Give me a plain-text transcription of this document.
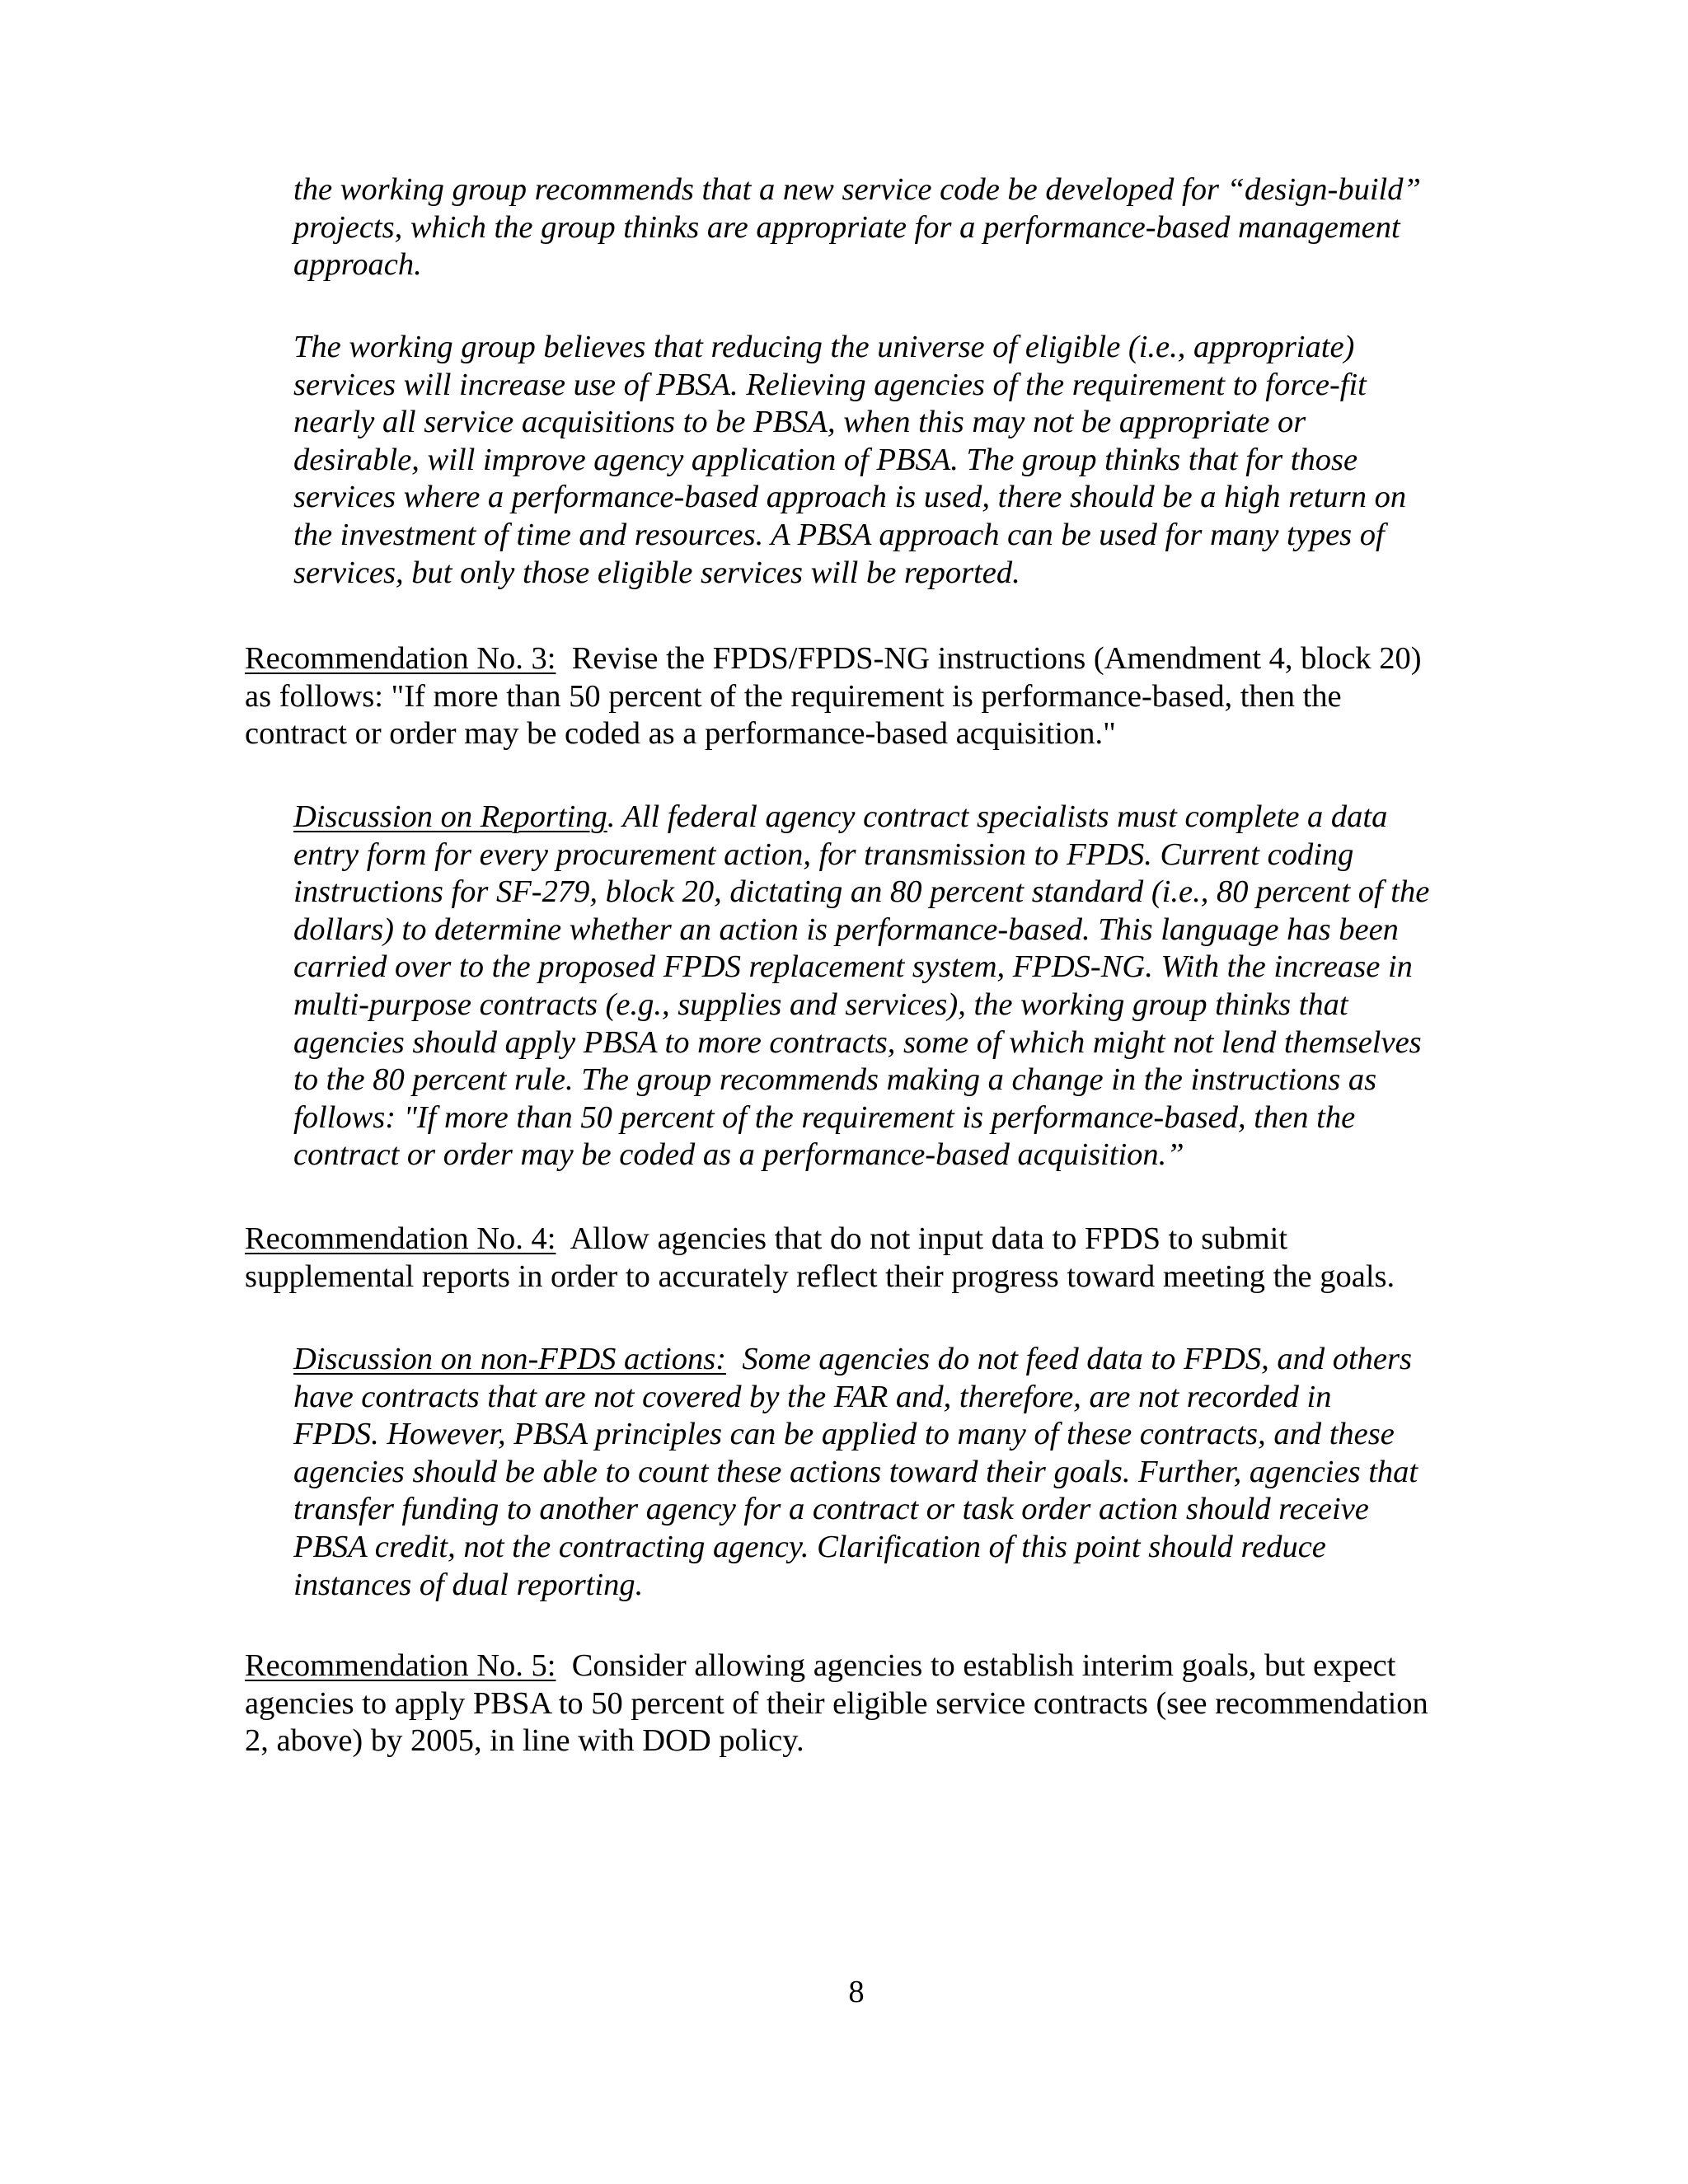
the working group recommends that a new service code be developed for “design-build”
projects, which the group thinks are appropriate for a performance-based management
approach.
The working group believes that reducing the universe of eligible (i.e., appropriate)
services will increase use of PBSA. Relieving agencies of the requirement to force-fit
nearly all service acquisitions to be PBSA, when this may not be appropriate or
desirable, will improve agency application of PBSA. The group thinks that for those
services where a performance-based approach is used, there should be a high return on
the investment of time and resources. A PBSA approach can be used for many types of
services, but only those eligible services will be reported.
Recommendation No. 3: Revise the FPDS/FPDS-NG instructions (Amendment 4, block 20)
as follows: "If more than 50 percent of the requirement is performance-based, then the
contract or order may be coded as a performance-based acquisition."
Discussion on Reporting. All federal agency contract specialists must complete a data
entry form for every procurement action, for transmission to FPDS. Current coding
instructions for SF-279, block 20, dictating an 80 percent standard (i.e., 80 percent of the
dollars) to determine whether an action is performance-based. This language has been
carried over to the proposed FPDS replacement system, FPDS-NG. With the increase in
multi-purpose contracts (e.g., supplies and services), the working group thinks that
agencies should apply PBSA to more contracts, some of which might not lend themselves
to the 80 percent rule. The group recommends making a change in the instructions as
follows: "If more than 50 percent of the requirement is performance-based, then the
contract or order may be coded as a performance-based acquisition.”
Recommendation No. 4: Allow agencies that do not input data to FPDS to submit
supplemental reports in order to accurately reflect their progress toward meeting the goals.
Discussion on non-FPDS actions: Some agencies do not feed data to FPDS, and others
have contracts that are not covered by the FAR and, therefore, are not recorded in
FPDS. However, PBSA principles can be applied to many of these contracts, and these
agencies should be able to count these actions toward their goals. Further, agencies that
transfer funding to another agency for a contract or task order action should receive
PBSA credit, not the contracting agency. Clarification of this point should reduce
instances of dual reporting.
Recommendation No. 5: Consider allowing agencies to establish interim goals, but expect
agencies to apply PBSA to 50 percent of their eligible service contracts (see recommendation
2, above) by 2005, in line with DOD policy.
8
